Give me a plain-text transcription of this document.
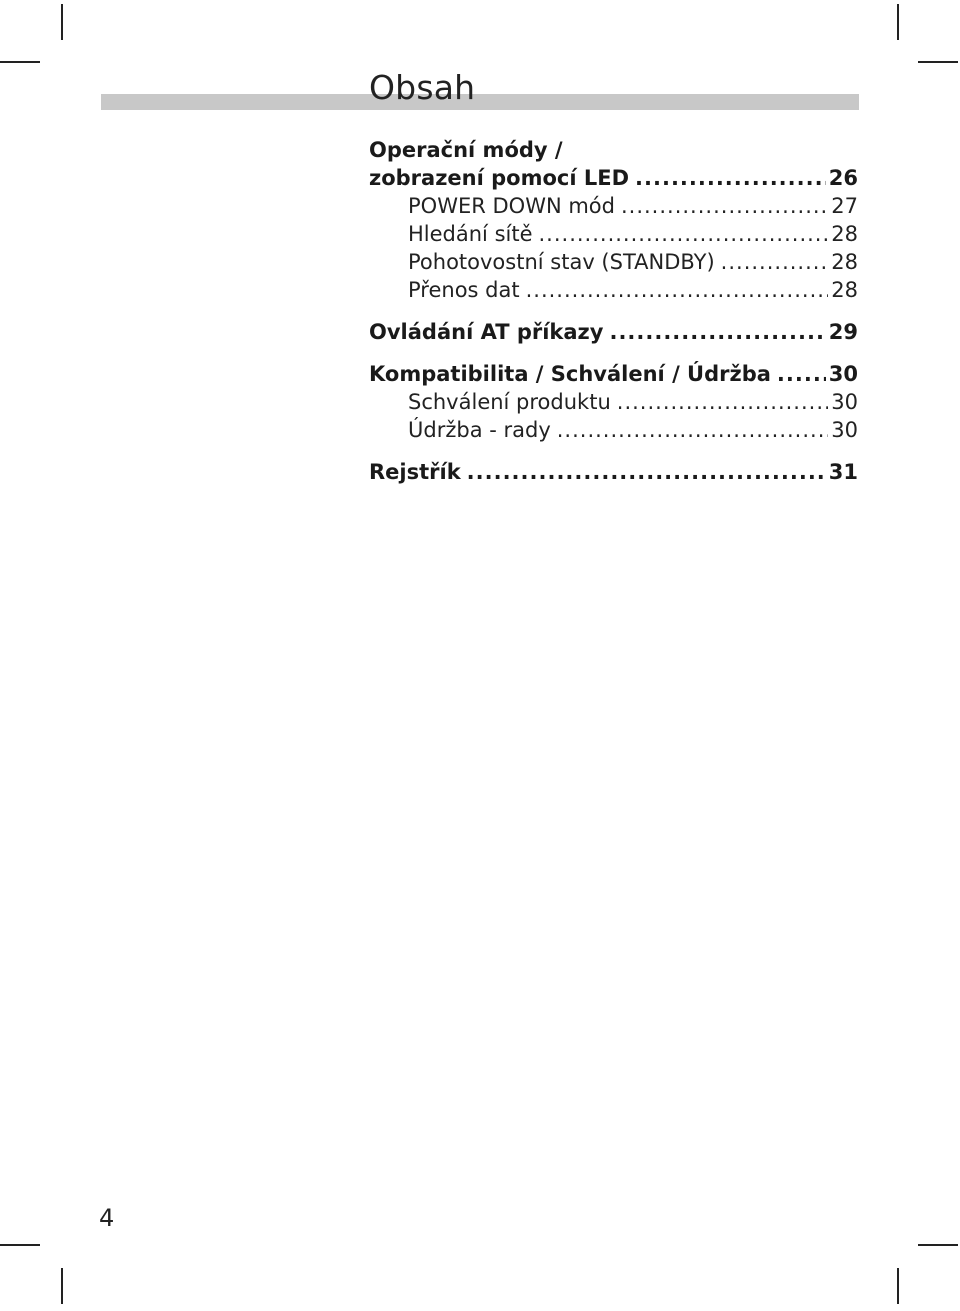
Obsah
Operační módy /
zobrazení pomocí LED .....	26
POWER DOWN mód .....	27
Hledání sítě .....	28
Pohotovostní stav (STANDBY) .....	28
Přenos dat .....	28
Ovládání AT příkazy .....	29
Kompatibilita / Schválení / Údržba .....	30
Schválení produktu .....	30
Údržba - rady .....	30
Rejstřík .....	31
4
